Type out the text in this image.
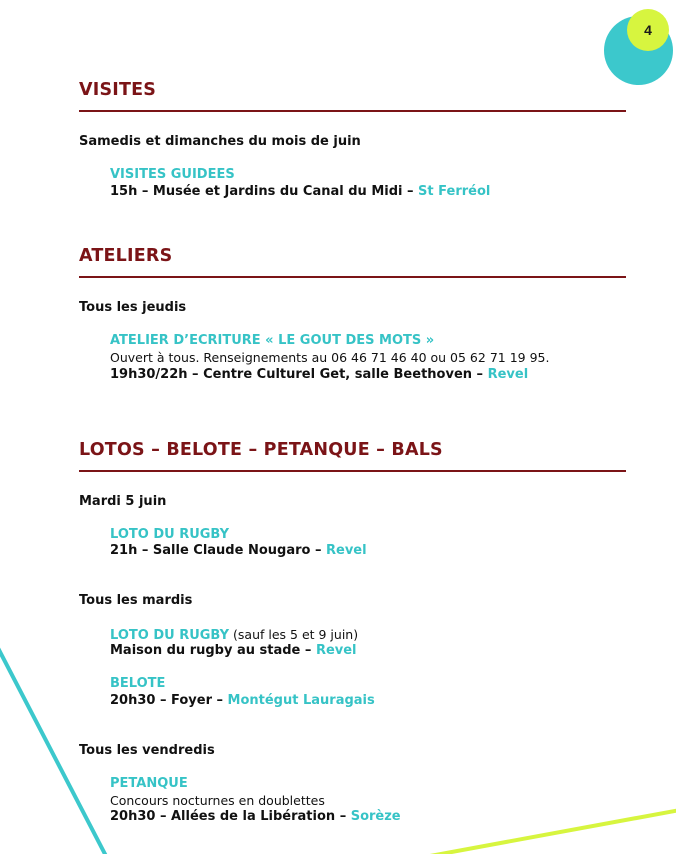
4
VISITES
Samedis et dimanches du mois de juin
VISITES GUIDEES
15h – Musée et Jardins du Canal du Midi – St Ferréol
ATELIERS
Tous les jeudis
ATELIER D’ECRITURE « LE GOUT DES MOTS »
Ouvert à tous. Renseignements au 06 46 71 46 40 ou 05 62 71 19 95.
19h30/22h – Centre Culturel Get, salle Beethoven – Revel
LOTOS – BELOTE – PETANQUE – BALS
Mardi 5 juin
LOTO DU RUGBY
21h – Salle Claude Nougaro – Revel
Tous les mardis
LOTO DU RUGBY (sauf les 5 et 9 juin)
Maison du rugby au stade – Revel
BELOTE
20h30 – Foyer – Montégut Lauragais
Tous les vendredis
PETANQUE
Concours nocturnes en doublettes
20h30 – Allées de la Libération – Sorèze
